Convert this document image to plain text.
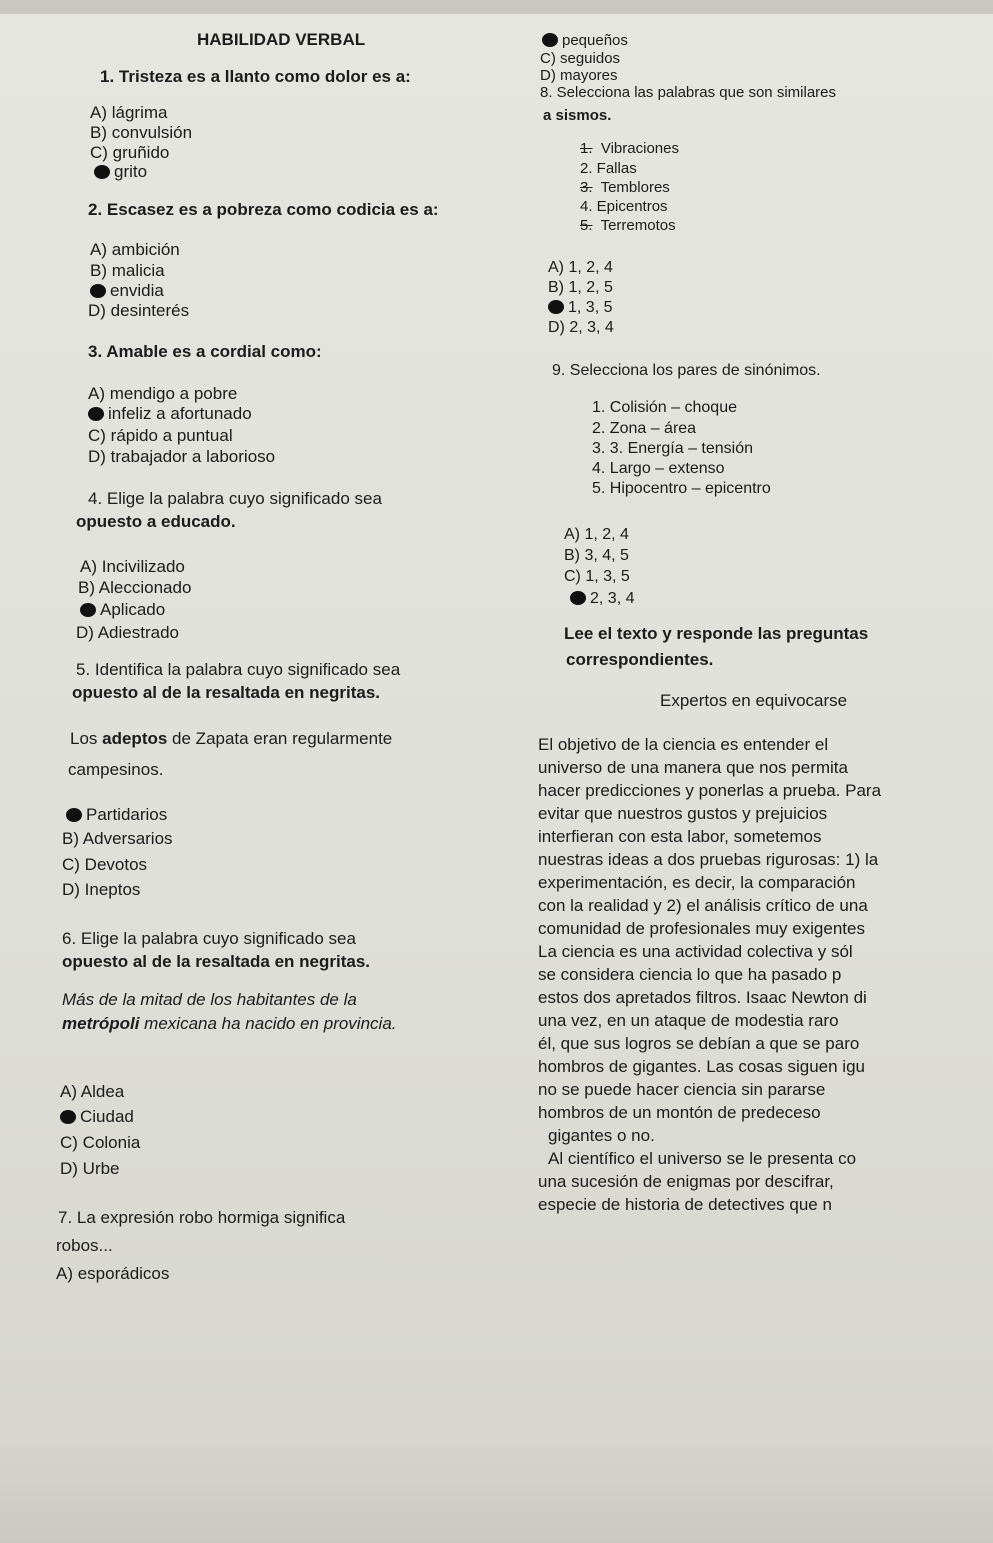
HABILIDAD VERBAL
1. Tristeza es a llanto como dolor es a:
A) lágrima
B) convulsión
C) gruñido
grito
2. Escasez es a pobreza como codicia es a:
A) ambición
B) malicia
envidia
D) desinterés
3. Amable es a cordial como:
A) mendigo a pobre
infeliz a afortunado
C) rápido a puntual
D) trabajador a laborioso
4. Elige la palabra cuyo significado sea
opuesto a educado.
A) Incivilizado
B) Aleccionado
Aplicado
D) Adiestrado
5. Identifica la palabra cuyo significado sea
opuesto al de la resaltada en negritas.
Los adeptos de Zapata eran regularmente
campesinos.
Partidarios
B) Adversarios
C) Devotos
D) Ineptos
6. Elige la palabra cuyo significado sea
opuesto al de la resaltada en negritas.
Más de la mitad de los habitantes de la
metrópoli mexicana ha nacido en provincia.
A) Aldea
Ciudad
C) Colonia
D) Urbe
7. La expresión robo hormiga significa
robos...
A) esporádicos
pequeños
C) seguidos
D) mayores
8. Selecciona las palabras que son similares
a sismos.
1. Vibraciones
2. Fallas
3. Temblores
4. Epicentros
5. Terremotos
A) 1, 2, 4
B) 1, 2, 5
1, 3, 5
D) 2, 3, 4
9. Selecciona los pares de sinónimos.
1. Colisión – choque
2. Zona – área
3. 3. Energía – tensión
4. Largo – extenso
5. Hipocentro – epicentro
A) 1, 2, 4
B) 3, 4, 5
C) 1, 3, 5
2, 3, 4
Lee el texto y responde las preguntas
correspondientes.
Expertos en equivocarse
El objetivo de la ciencia es entender el
universo de una manera que nos permita
hacer predicciones y ponerlas a prueba. Para
evitar que nuestros gustos y prejuicios
interfieran con esta labor, sometemos
nuestras ideas a dos pruebas rigurosas: 1) la
experimentación, es decir, la comparación
con la realidad y 2) el análisis crítico de una
comunidad de profesionales muy exigentes
La ciencia es una actividad colectiva y sól
se considera ciencia lo que ha pasado p
estos dos apretados filtros. Isaac Newton di
una vez, en un ataque de modestia raro
él, que sus logros se debían a que se paro
hombros de gigantes. Las cosas siguen igu
no se puede hacer ciencia sin pararse
hombros de un montón de predeceso
gigantes o no.
Al científico el universo se le presenta co
una sucesión de enigmas por descifrar,
especie de historia de detectives que n
